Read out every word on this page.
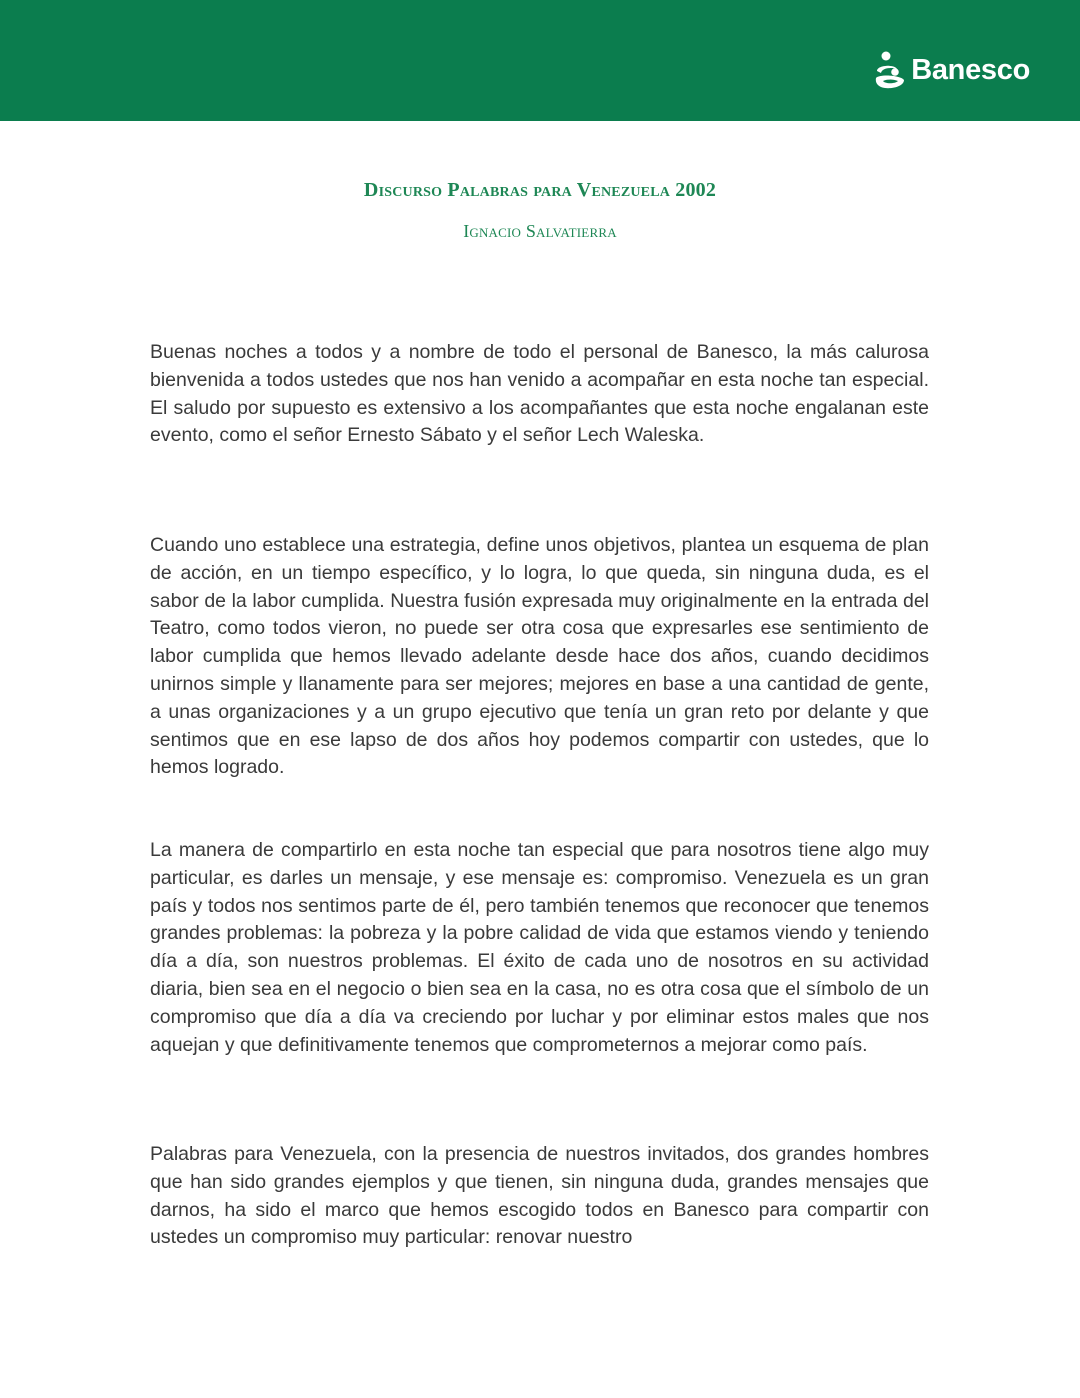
Banesco
Discurso Palabras para Venezuela 2002

Ignacio Salvatierra

Buenas noches a todos y a nombre de todo el personal de Banesco, la más calurosa bienvenida a todos ustedes que nos han venido a acompañar en esta noche tan especial. El saludo por supuesto es extensivo a los acompañantes que esta noche engalanan este evento, como el señor Ernesto Sábato y el señor Lech Waleska.

Cuando uno establece una estrategia, define unos objetivos, plantea un esquema de plan de acción, en un tiempo específico, y lo logra, lo que queda, sin ninguna duda, es el sabor de la labor cumplida. Nuestra fusión expresada muy originalmente en la entrada del Teatro, como todos vieron, no puede ser otra cosa que expresarles ese sentimiento de labor cumplida que hemos llevado adelante desde hace dos años, cuando decidimos unirnos simple y llanamente para ser mejores; mejores en base a una cantidad de gente, a unas organizaciones y a un grupo ejecutivo que tenía un gran reto por delante y que sentimos que en ese lapso de dos años hoy podemos compartir con ustedes, que lo hemos logrado.

La manera de compartirlo en esta noche tan especial que para nosotros tiene algo muy particular, es darles un mensaje, y ese mensaje es: compromiso. Venezuela es un gran país y todos nos sentimos parte de él, pero también tenemos que reconocer que tenemos grandes problemas: la pobreza y la pobre calidad de vida que estamos viendo y teniendo día a día, son nuestros problemas. El éxito de cada uno de nosotros en su actividad diaria, bien sea en el negocio o bien sea en la casa, no es otra cosa que el símbolo de un compromiso que día a día va creciendo por luchar y por eliminar estos males que nos aquejan y que definitivamente tenemos que comprometernos a mejorar como país.

Palabras para Venezuela, con la presencia de nuestros invitados, dos grandes hombres que han sido grandes ejemplos y que tienen, sin ninguna duda, grandes mensajes que darnos, ha sido el marco que hemos escogido todos en Banesco para compartir con ustedes un compromiso muy particular: renovar nuestro
